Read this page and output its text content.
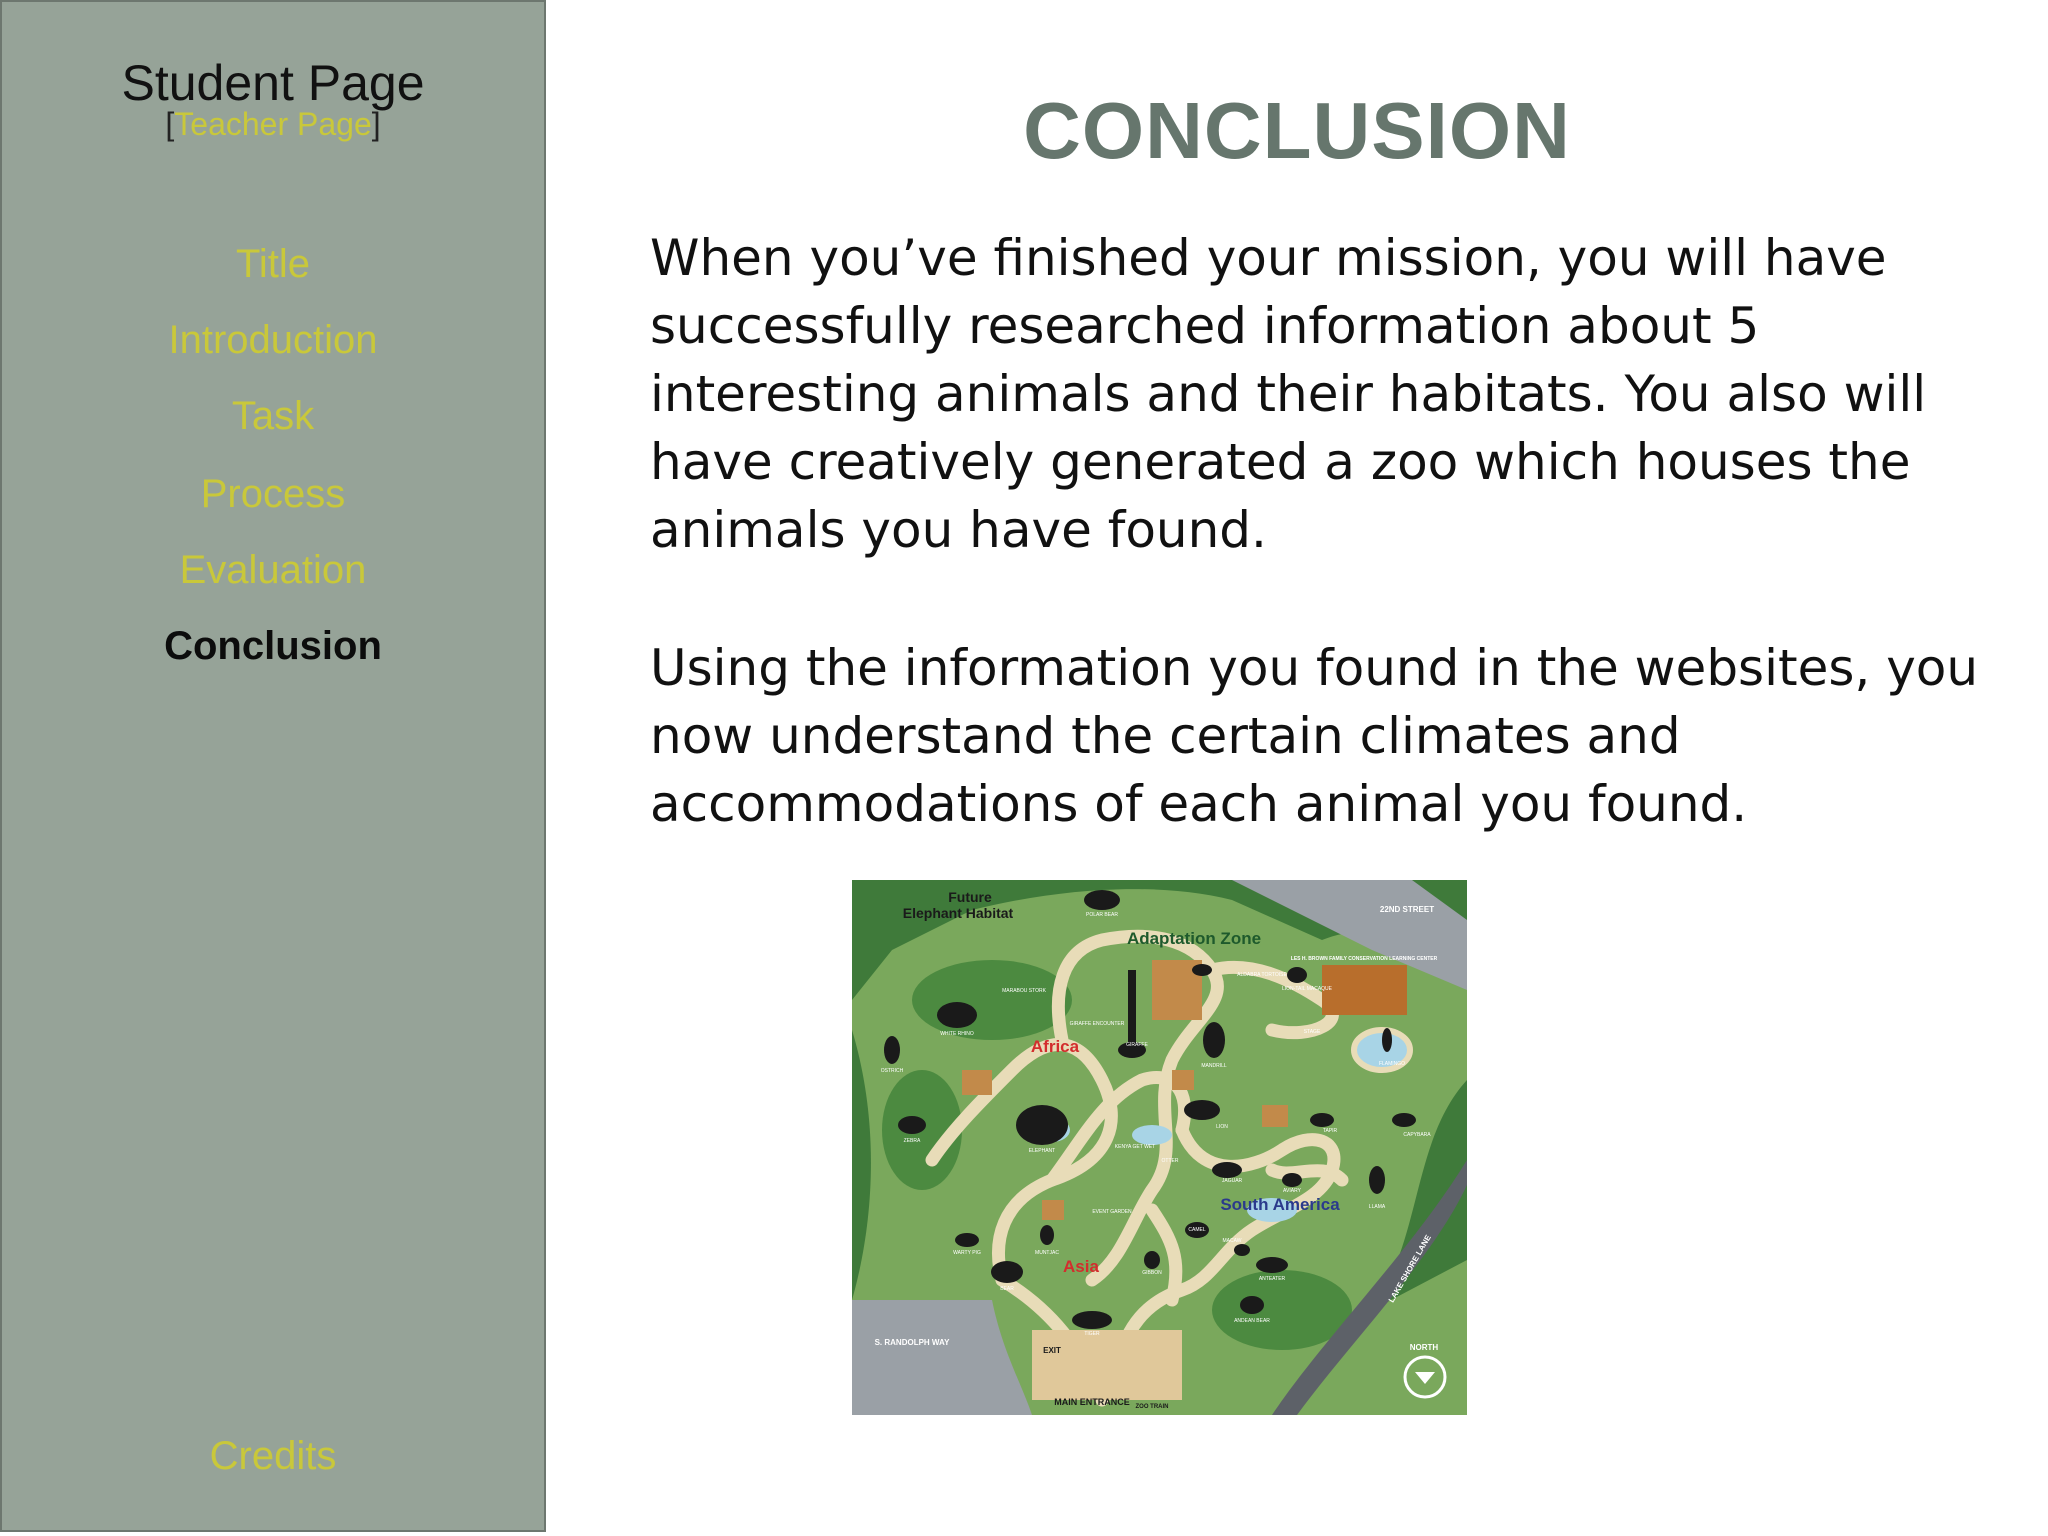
Student Page
[Teacher Page]
Title
Introduction
Task
Process
Evaluation
Conclusion
Credits
CONCLUSION

When you’ve finished your mission, you will have successfully researched information about 5 interesting animals and their habitats. You also will have creatively generated a zoo which houses the animals you have found.

Using the information you found in the websites, you now understand the certain climates and accommodations of each animal you found.

Future
Elephant Habitat
Adaptation Zone
Africa
South America
Asia
22ND STREET
S. RANDOLPH WAY
LAKE SHORE LANE
MAIN ENTRANCE
EXIT	NORTH
ZOO TRAIN
LES H. BROWN FAMILY CONSERVATION LEARNING CENTER
POLAR BEAR
MARABOU STORK
WHITE RHINO
OSTRICH
ZEBRA
ELEPHANT
GIRAFFE ENCOUNTER
GIRAFFE
MANDRILL
ALDABRA TORTOISE
LION-TAIL MACAQUE
FLAMINGO
LION
KENYA GET WET
OTTER
CAPYBARA
JAGUAR
LLAMA
TAPIR
AVIARY
STAGE
EVENT GARDEN
WARTY PIG	MUNTJAC
CAMEL
MACAW
ANTEATER
GIBBON
BEAR
TIGER
ANDEAN BEAR
